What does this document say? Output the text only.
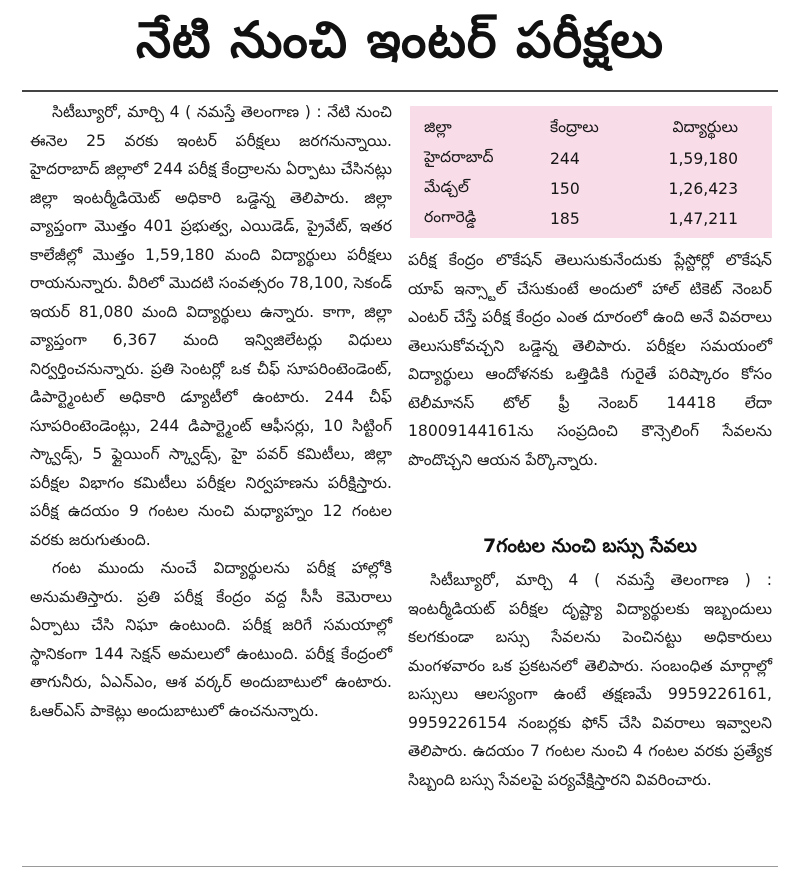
నేటి నుంచి ఇంటర్ పరీక్షలు

సిటీబ్యూరో, మార్చి 4 ( నమస్తే తెలంగాణ ) : నేటి నుంచి ఈనెల 25 వరకు ఇంటర్ పరీక్షలు జరగనున్నాయి. హైదరాబాద్ జిల్లాలో 244 పరీక్ష కేంద్రాలను ఏర్పాటు చేసినట్లు జిల్లా ఇంటర్మీడియెట్ అధికారి ఒడ్డెన్న తెలిపారు. జిల్లా వ్యాప్తంగా మొత్తం 401 ప్రభుత్వ, ఎయిడెడ్, ప్రైవేట్, ఇతర కాలేజీల్లో మొత్తం 1,59,180 మంది విద్యార్థులు పరీక్షలు రాయనున్నారు. వీరిలో మొదటి సంవత్సరం 78,100, సెకండ్ ఇయర్ 81,080 మంది విద్యార్థులు ఉన్నారు. కాగా, జిల్లా వ్యాప్తంగా 6,367 మంది ఇన్విజిలేటర్లు విధులు నిర్వర్తించనున్నారు. ప్రతి సెంటర్లో ఒక చీఫ్ సూపరింటెండెంట్, డిపార్ట్మెంటల్ అధికారి డ్యూటీలో ఉంటారు. 244 చీఫ్ సూపరింటెండెంట్లు, 244 డిపార్ట్మెంట్ ఆఫీసర్లు, 10 సిట్టింగ్ స్క్వాడ్స్, 5 ఫ్లైయింగ్ స్క్వాడ్స్, హై పవర్ కమిటీలు, జిల్లా పరీక్షల విభాగం కమిటీలు పరీక్షల నిర్వహణను పరీక్షిస్తారు. పరీక్ష ఉదయం 9 గంటల నుంచి మధ్యాహ్నం 12 గంటల వరకు జరుగుతుంది.

గంట ముందు నుంచే విద్యార్థులను పరీక్ష హాల్లోకి అనుమతిస్తారు. ప్రతి పరీక్ష కేంద్రం వద్ద సీసీ కెమెరాలు ఏర్పాటు చేసి నిఘా ఉంటుంది. పరీక్ష జరిగే సమయాల్లో స్థానికంగా 144 సెక్షన్ అమలులో ఉంటుంది. పరీక్ష కేంద్రంలో తాగునీరు, ఏఎన్ఎం, ఆశ వర్కర్ అందుబాటులో ఉంటారు. ఓఆర్ఎస్ పాకెట్లు అందుబాటులో ఉంచనున్నారు.

జిల్లా	కేంద్రాలు	విద్యార్థులు
హైదరాబాద్	244	1,59,180
మేడ్చల్	150	1,26,423
రంగారెడ్డి	185	1,47,211

పరీక్ష కేంద్రం లొకేషన్ తెలుసుకునేందుకు ప్లేస్టోర్లో లొకేషన్ యాప్ ఇన్స్టాల్ చేసుకుంటే అందులో హాల్ టికెట్ నెంబర్ ఎంటర్ చేస్తే పరీక్ష కేంద్రం ఎంత దూరంలో ఉంది అనే వివరాలు తెలుసుకోవచ్చని ఒడ్డెన్న తెలిపారు. పరీక్షల సమయంలో విద్యార్థులు ఆందోళనకు ఒత్తిడికి గురైతే పరిష్కారం కోసం టెలీమానస్ టోల్ ఫ్రీ నెంబర్ 14418 లేదా 18009144161ను సంప్రదించి కౌన్సెలింగ్ సేవలను పొందొచ్చని ఆయన పేర్కొన్నారు.

7గంటల నుంచి బస్సు సేవలు

సిటీబ్యూరో, మార్చి 4 ( నమస్తే తెలంగాణ ) : ఇంటర్మీడియట్ పరీక్షల దృష్ట్యా విద్యార్థులకు ఇబ్బందులు కలగకుండా బస్సు సేవలను పెంచినట్టు అధికారులు మంగళవారం ఒక ప్రకటనలో తెలిపారు. సంబంధిత మార్గాల్లో బస్సులు ఆలస్యంగా ఉంటే తక్షణమే 9959226161, 9959226154 నంబర్లకు ఫోన్ చేసి వివరాలు ఇవ్వాలని తెలిపారు. ఉదయం 7 గంటల నుంచి 4 గంటల వరకు ప్రత్యేక సిబ్బంది బస్సు సేవలపై పర్యవేక్షిస్తారని వివరించారు.
